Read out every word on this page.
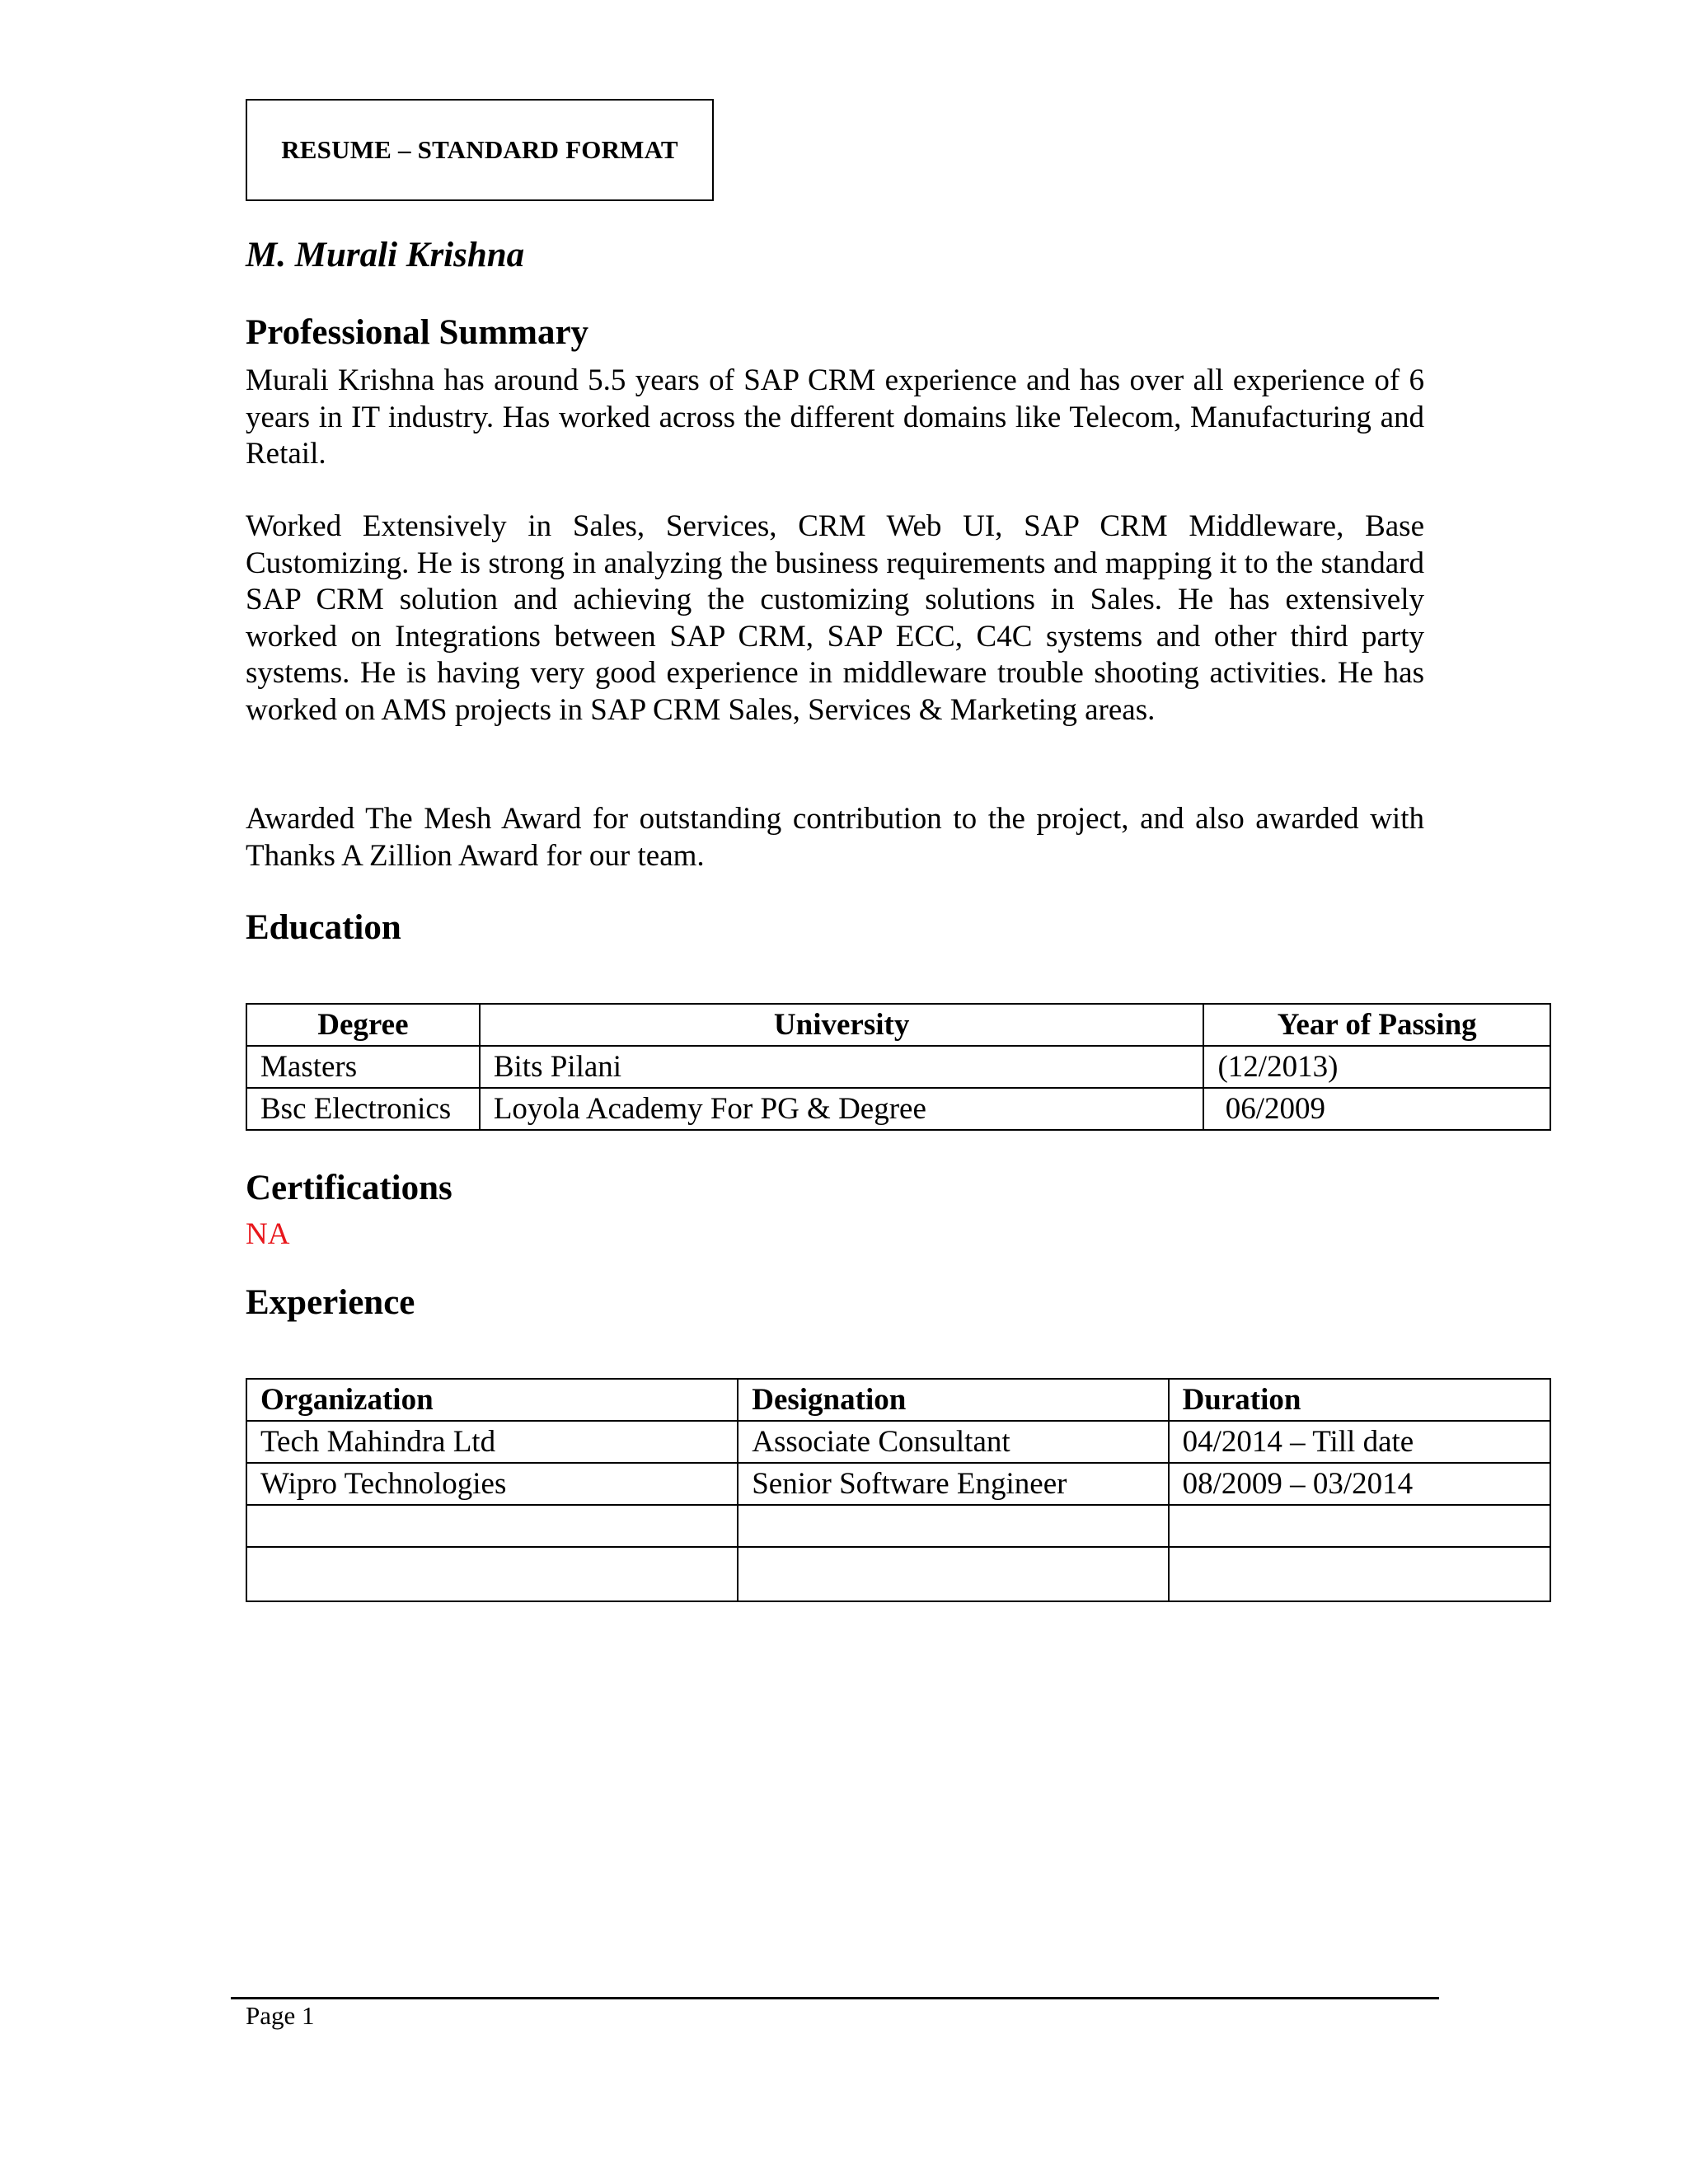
RESUME – STANDARD FORMAT
M. Murali Krishna
Professional Summary

Murali Krishna has around 5.5 years of SAP CRM experience and has over all experience of 6 years in IT industry. Has worked across the different domains like Telecom, Manufacturing and Retail.

Worked Extensively in Sales, Services, CRM Web UI, SAP CRM Middleware, Base Customizing. He is strong in analyzing the business requirements and mapping it to the standard SAP CRM solution and achieving the customizing solutions in Sales. He has extensively worked on Integrations between SAP CRM, SAP ECC, C4C systems and other third party systems. He is having very good experience in middleware trouble shooting activities. He has worked on AMS projects in SAP CRM Sales, Services & Marketing areas.

Awarded The Mesh Award for outstanding contribution to the project, and also awarded with Thanks A Zillion Award for our team.

Education
Degree	University	Year of Passing
Masters	Bits Pilani	(12/2013)
Bsc Electronics	Loyola Academy For PG & Degree	06/2009
Certifications

NA

Experience
Organization	Designation	Duration
Tech Mahindra Ltd	Associate Consultant	04/2014 – Till date
Wipro Technologies	Senior Software Engineer	08/2009 – 03/2014

Page 1
